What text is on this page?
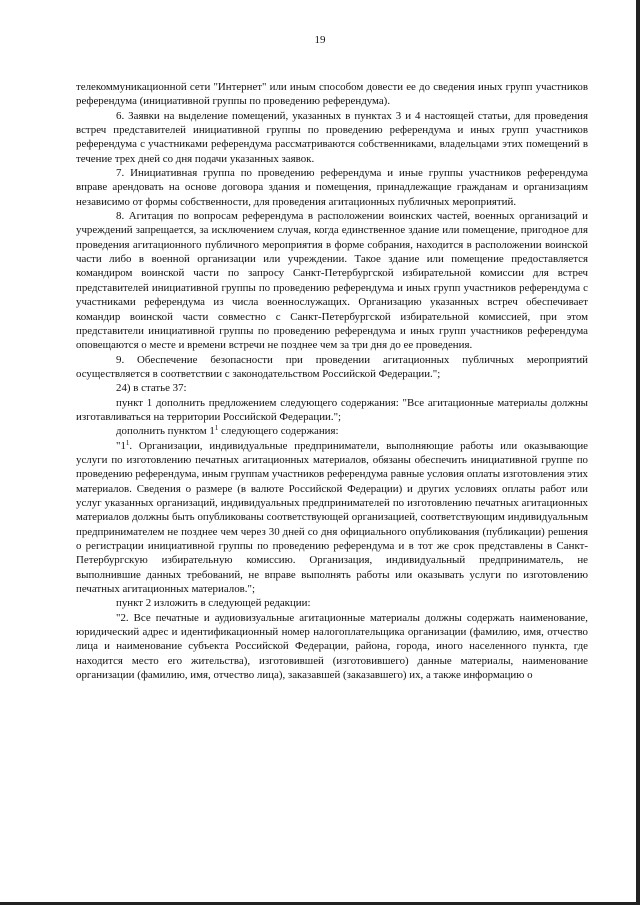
19

телекоммуникационной сети "Интернет" или иным способом довести ее до сведения иных групп участников референдума (инициативной группы по проведению референдума).

6. Заявки на выделение помещений, указанных в пунктах 3 и 4 настоящей статьи, для проведения встреч представителей инициативной группы по проведению референдума и иных групп участников референдума с участниками референдума рассматриваются собственниками, владельцами этих помещений в течение трех дней со дня подачи указанных заявок.

7. Инициативная группа по проведению референдума и иные группы участников референдума вправе арендовать на основе договора здания и помещения, принадлежащие гражданам и организациям независимо от формы собственности, для проведения агитационных публичных мероприятий.

8. Агитация по вопросам референдума в расположении воинских частей, военных организаций и учреждений запрещается, за исключением случая, когда единственное здание или помещение, пригодное для проведения агитационного публичного мероприятия в форме собрания, находится в расположении воинской части либо в военной организации или учреждении. Такое здание или помещение предоставляется командиром воинской части по запросу Санкт-Петербургской избирательной комиссии для встреч представителей инициативной группы по проведению референдума и иных групп участников референдума с участниками референдума из числа военнослужащих. Организацию указанных встреч обеспечивает командир воинской части совместно с Санкт-Петербургской избирательной комиссией, при этом представители инициативной группы по проведению референдума и иных групп участников референдума оповещаются о месте и времени встречи не позднее чем за три дня до ее проведения.

9. Обеспечение безопасности при проведении агитационных публичных мероприятий осуществляется в соответствии с законодательством Российской Федерации.";

24) в статье 37:

пункт 1 дополнить предложением следующего содержания: "Все агитационные материалы должны изготавливаться на территории Российской Федерации.";

дополнить пунктом $1^1$ следующего содержания:

"$1^1$. Организации, индивидуальные предприниматели, выполняющие работы или оказывающие услуги по изготовлению печатных агитационных материалов, обязаны обеспечить инициативной группе по проведению референдума, иным группам участников референдума равные условия оплаты изготовления этих материалов. Сведения о размере (в валюте Российской Федерации) и других условиях оплаты работ или услуг указанных организаций, индивидуальных предпринимателей по изготовлению печатных агитационных материалов должны быть опубликованы соответствующей организацией, соответствующим индивидуальным предпринимателем не позднее чем через 30 дней со дня официального опубликования (публикации) решения о регистрации инициативной группы по проведению референдума и в тот же срок представлены в Санкт-Петербургскую избирательную комиссию. Организация, индивидуальный предприниматель, не выполнившие данных требований, не вправе выполнять работы или оказывать услуги по изготовлению печатных агитационных материалов.";

пункт 2 изложить в следующей редакции:

"2. Все печатные и аудиовизуальные агитационные материалы должны содержать наименование, юридический адрес и идентификационный номер налогоплательщика организации (фамилию, имя, отчество лица и наименование субъекта Российской Федерации, района, города, иного населенного пункта, где находится место его жительства), изготовившей (изготовившего) данные материалы, наименование организации (фамилию, имя, отчество лица), заказавшей (заказавшего) их, а также информацию о
